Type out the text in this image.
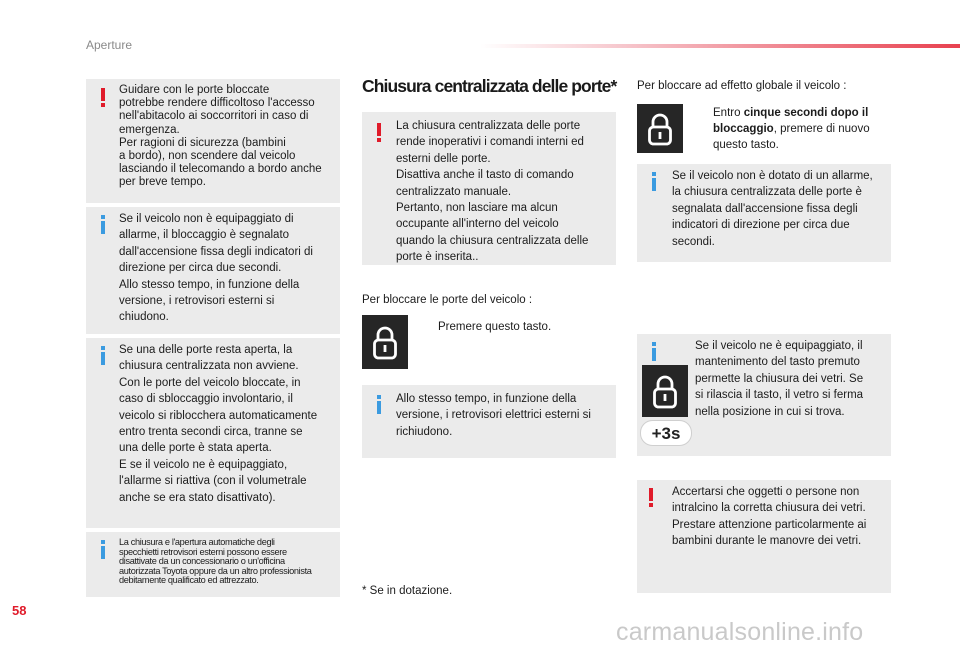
Aperture
Guidare con le porte bloccate
potrebbe rendere difficoltoso l'accesso
nell'abitacolo ai soccorritori in caso di
emergenza.
Per ragioni di sicurezza (bambini
a bordo), non scendere dal veicolo
lasciando il telecomando a bordo anche
per breve tempo.
Se il veicolo non è equipaggiato di
allarme, il bloccaggio è segnalato
dall'accensione fissa degli indicatori di
direzione per circa due secondi.
Allo stesso tempo, in funzione della
versione, i retrovisori esterni si
chiudono.
Se una delle porte resta aperta, la
chiusura centralizzata non avviene.
Con le porte del veicolo bloccate, in
caso di sbloccaggio involontario, il
veicolo si riblocchera automaticamente
entro trenta secondi circa, tranne se
una delle porte è stata aperta.
E se il veicolo ne è equipaggiato,
l'allarme si riattiva (con il volumetrale
anche se era stato disattivato).
La chiusura e l'apertura automatiche degli
specchietti retrovisori esterni possono essere
disattivate da un concessionario o un'officina
autorizzata Toyota oppure da un altro professionista
debitamente qualificato ed attrezzato.
Chiusura centralizzata delle porte*
La chiusura centralizzata delle porte
rende inoperativi i comandi interni ed
esterni delle porte.
Disattiva anche il tasto di comando
centralizzato manuale.
Pertanto, non lasciare ma alcun
occupante all'interno del veicolo
quando la chiusura centralizzata delle
porte è inserita..
Per bloccare le porte del veicolo :
Premere questo tasto.
Allo stesso tempo, in funzione della
versione, i retrovisori elettrici esterni si
richiudono.
* Se in dotazione.
Per bloccare ad effetto globale il veicolo :
Entro cinque secondi dopo il
bloccaggio, premere di nuovo
questo tasto.
Se il veicolo non è dotato di un allarme,
la chiusura centralizzata delle porte è
segnalata dall'accensione fissa degli
indicatori di direzione per circa due
secondi.
+3s
Se il veicolo ne è equipaggiato, il
mantenimento del tasto premuto
permette la chiusura dei vetri. Se
si rilascia il tasto, il vetro si ferma
nella posizione in cui si trova.
Accertarsi che oggetti o persone non
intralcino la corretta chiusura dei vetri.
Prestare attenzione particolarmente ai
bambini durante le manovre dei vetri.
58
carmanualsonline.info
